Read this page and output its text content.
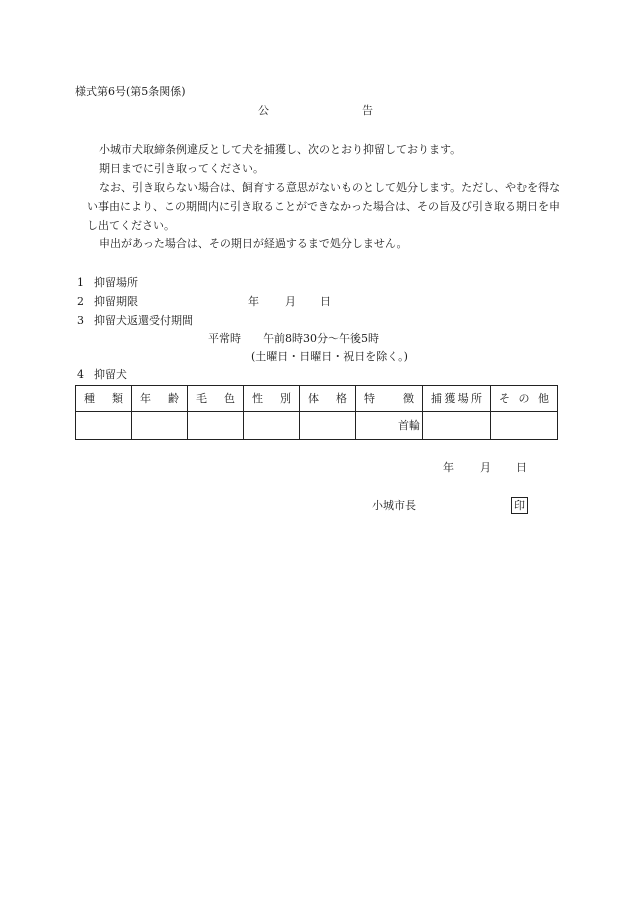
様式第6号(第5条関係)
公	告

小城市犬取締条例違反として犬を捕獲し、次のとおり抑留しております。

期日までに引き取ってください。

なお、引き取らない場合は、飼育する意思がないものとして処分します。ただし、やむを得ない事由により、この期間内に引き取ることができなかった場合は、その旨及び引き取る期日を申し出てください。

申出があった場合は、その期日が経過するまで処分しません。

1 抑留場所
2 抑留期限	年 月 日
3 抑留犬返還受付期間
平常時　　午前8時30分〜午後5時
(土曜日・日曜日・祝日を除く。)
4 抑留犬
種類	年齢	毛色	性別	体格	特徴	捕獲場所	その他
					首輪		
年 月 日
小城市長	印
